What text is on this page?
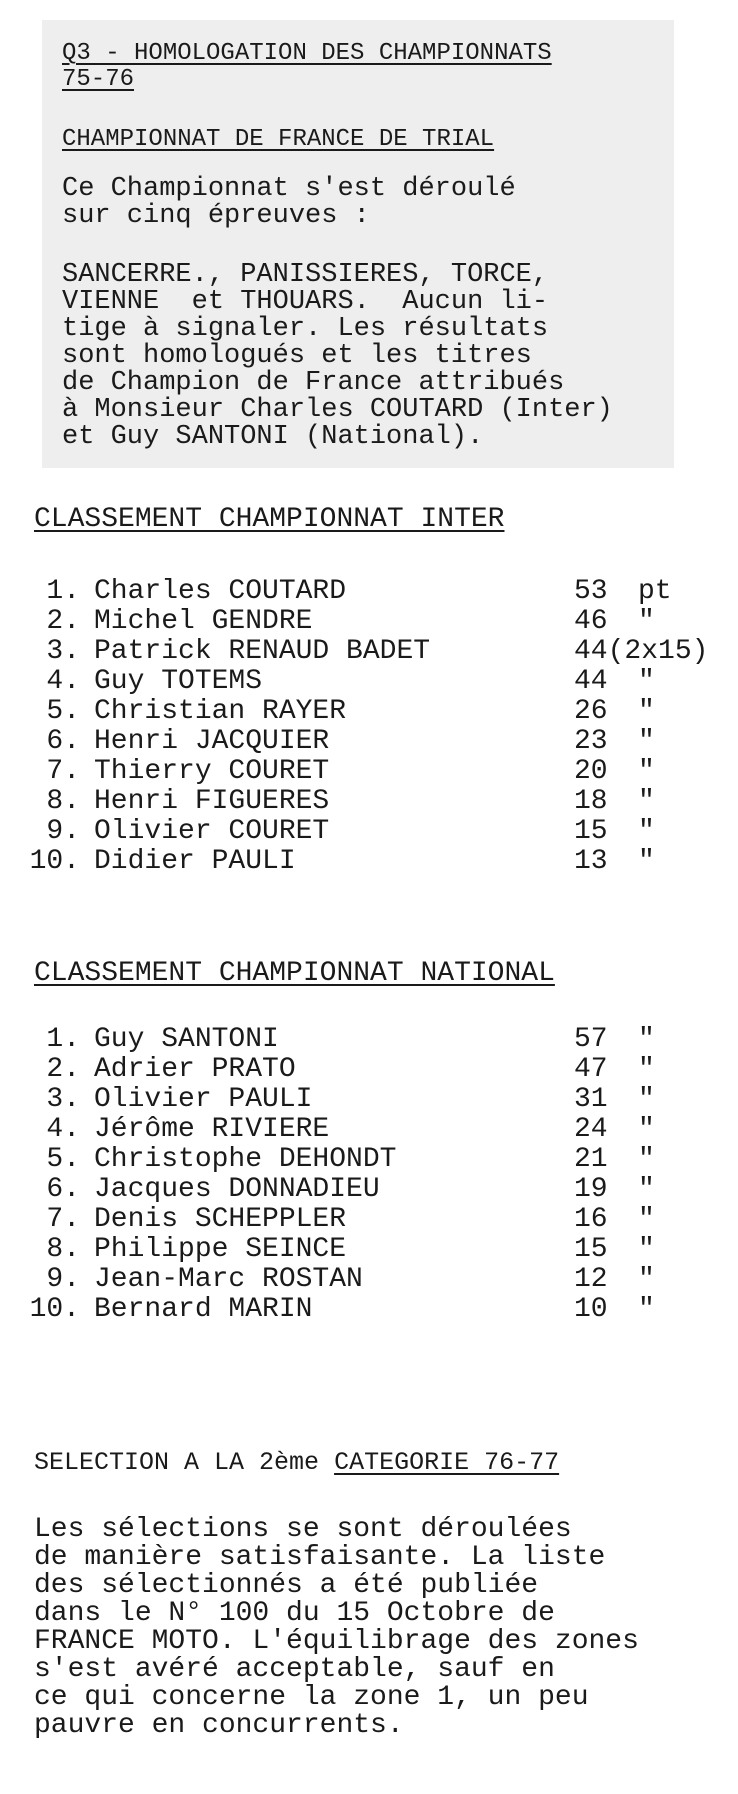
Q3 - HOMOLOGATION DES CHAMPIONNATS
75-76
CHAMPIONNAT DE FRANCE DE TRIAL
Ce Championnat s'est déroulé
sur cinq épreuves :
SANCERRE., PANISSIERES, TORCE,
VIENNE  et THOUARS.  Aucun li-
tige à signaler. Les résultats
sont homologués et les titres
de Champion de France attribués
à Monsieur Charles COUTARD (Inter)
et Guy SANTONI (National).
CLASSEMENT CHAMPIONNAT INTER
1. Charles COUTARD	53 pt
2. Michel GENDRE	46 "
3. Patrick RENAUD BADET	44(2x15)
4. Guy TOTEMS	44 "
5. Christian RAYER	26 "
6. Henri JACQUIER	23 "
7. Thierry COURET	20 "
8. Henri FIGUERES	18 "
9. Olivier COURET	15 "
10. Didier PAULI	13 "
CLASSEMENT CHAMPIONNAT NATIONAL
1. Guy SANTONI	57 "
2. Adrier PRATO	47 "
3. Olivier PAULI	31 "
4. Jérôme RIVIERE	24 "
5. Christophe DEHONDT	21 "
6. Jacques DONNADIEU	19 "
7. Denis SCHEPPLER	16 "
8. Philippe SEINCE	15 "
9. Jean-Marc ROSTAN	12 "
10. Bernard MARIN	10 "
SELECTION A LA 2ème CATEGORIE 76-77
Les sélections se sont déroulées
de manière satisfaisante. La liste
des sélectionnés a été publiée
dans le N° 100 du 15 Octobre de
FRANCE MOTO. L'équilibrage des zones
s'est avéré acceptable, sauf en
ce qui concerne la zone 1, un peu
pauvre en concurrents.
